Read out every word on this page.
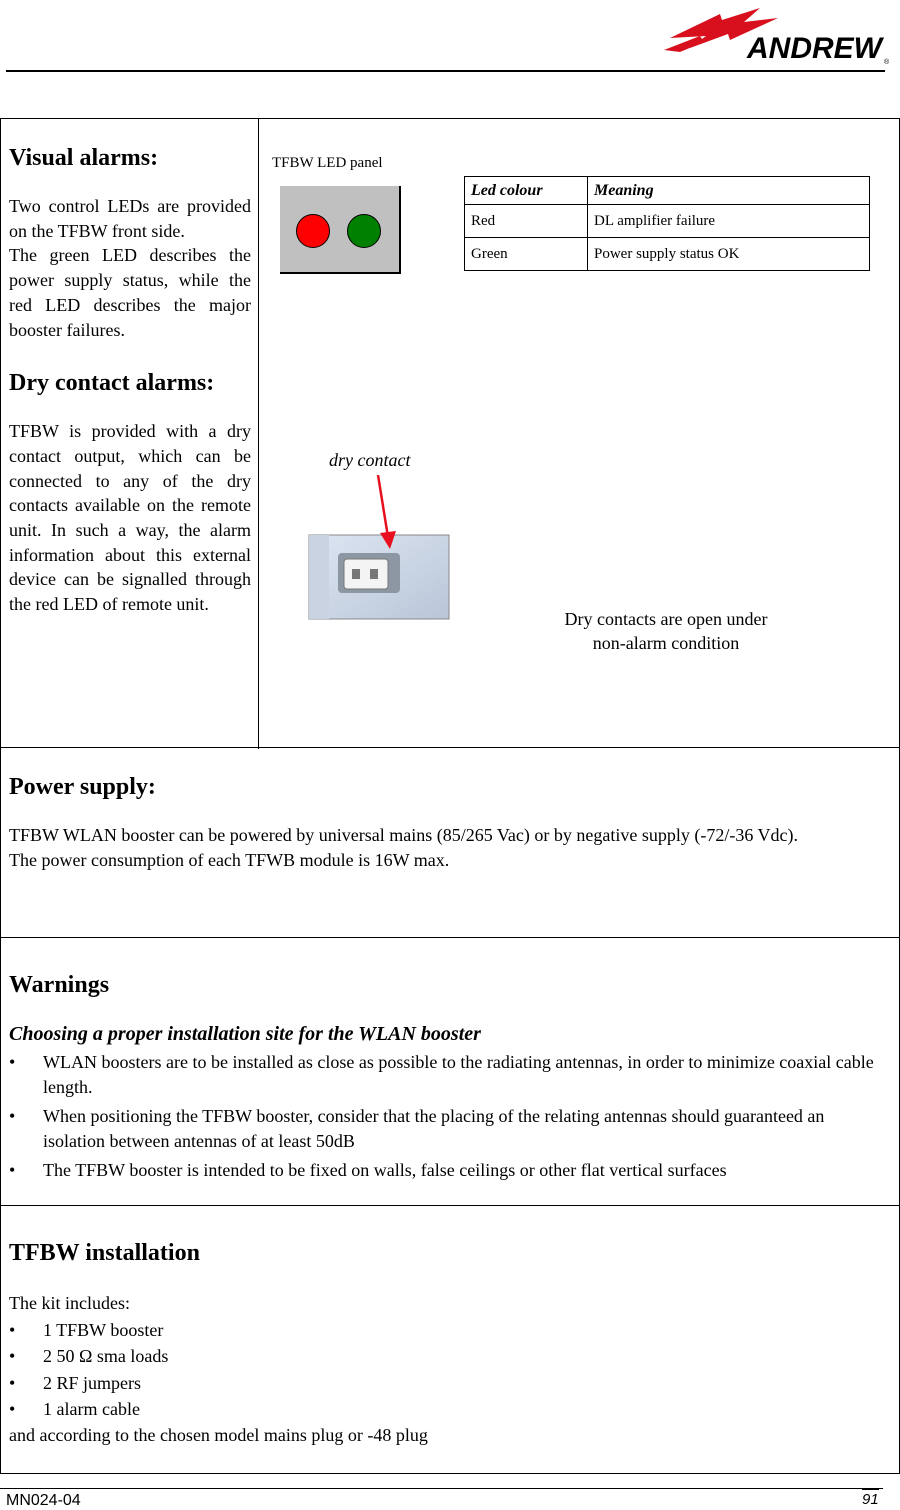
ANDREW ®
Visual alarms:

Two control LEDs are provided on the TFBW front side.

The green LED describes the power supply status, while the red LED describes the major booster failures.

Dry contact alarms:

TFBW is provided with a dry contact output, which can be connected to any of the dry contacts available on the remote unit. In such a way, the alarm information about this external device can be signalled through the red LED of remote unit.

TFBW LED panel
Led colour	Meaning
Red	DL amplifier failure
Green	Power supply status OK
dry contact
Dry contacts are open under
non-alarm condition
Power supply:

TFBW WLAN booster can be powered by universal mains (85/265 Vac) or by negative supply (-72/-36 Vdc).

The power consumption of each TFWB module is 16W max.

Warnings

Choosing a proper installation site for the WLAN booster

• WLAN boosters are to be installed as close as possible to the radiating antennas, in order to minimize coaxial cable length.
• When positioning the TFBW booster, consider that the placing of the relating antennas should guaranteed an isolation between antennas of at least 50dB
• The TFBW booster is intended to be fixed on walls, false ceilings or other flat vertical surfaces
TFBW installation

The kit includes:

• 1 TFBW booster
• 2 50 Ω sma loads
• 2 RF jumpers
• 1 alarm cable

and according to the chosen model mains plug or -48 plug

MN024-04	91
